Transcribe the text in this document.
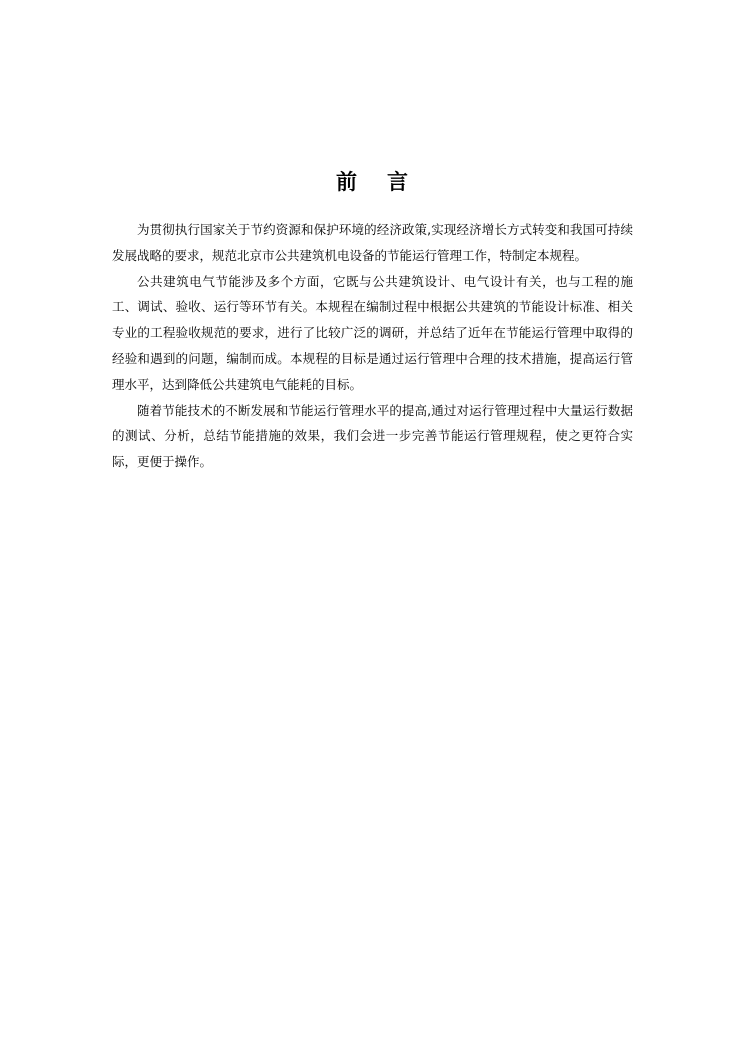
前 言

为贯彻执行国家关于节约资源和保护环境的经济政策,实现经济增长方式转变和我国可持续发展战略的要求，规范北京市公共建筑机电设备的节能运行管理工作，特制定本规程。

公共建筑电气节能涉及多个方面，它既与公共建筑设计、电气设计有关，也与工程的施工、调试、验收、运行等环节有关。本规程在编制过程中根据公共建筑的节能设计标准、相关专业的工程验收规范的要求，进行了比较广泛的调研，并总结了近年在节能运行管理中取得的经验和遇到的问题，编制而成。本规程的目标是通过运行管理中合理的技术措施，提高运行管理水平，达到降低公共建筑电气能耗的目标。

随着节能技术的不断发展和节能运行管理水平的提高,通过对运行管理过程中大量运行数据的测试、分析，总结节能措施的效果，我们会进一步完善节能运行管理规程，使之更符合实际，更便于操作。
